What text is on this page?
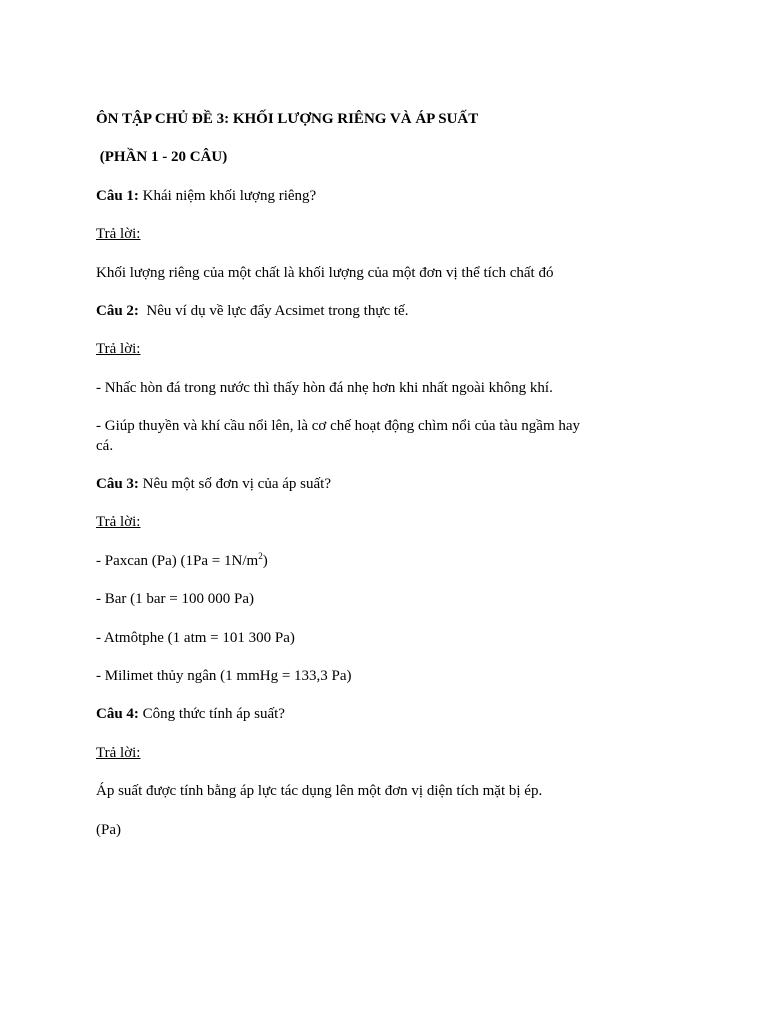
ÔN TẬP CHỦ ĐỀ 3: KHỐI LƯỢNG RIÊNG VÀ ÁP SUẤT

(PHẦN 1 - 20 CÂU)

Câu 1: Khái niệm khối lượng riêng?

Trả lời:

Khối lượng riêng của một chất là khối lượng của một đơn vị thể tích chất đó

Câu 2:  Nêu ví dụ về lực đẩy Acsimet trong thực tế.

Trả lời:

- Nhấc hòn đá trong nước thì thấy hòn đá nhẹ hơn khi nhất ngoài không khí.

- Giúp thuyền và khí cầu nổi lên, là cơ chế hoạt động chìm nổi của tàu ngầm hay cá.

Câu 3: Nêu một số đơn vị của áp suất?

Trả lời:

- Paxcan (Pa) $(1Pa = 1N/m^2)$

- Bar (1 bar = 100 000 Pa)

- Atmôtphe (1 atm = 101 300 Pa)

- Milimet thủy ngân (1 mmHg = 133,3 Pa)

Câu 4: Công thức tính áp suất?

Trả lời:

Áp suất được tính bằng áp lực tác dụng lên một đơn vị diện tích mặt bị ép.

(Pa)
